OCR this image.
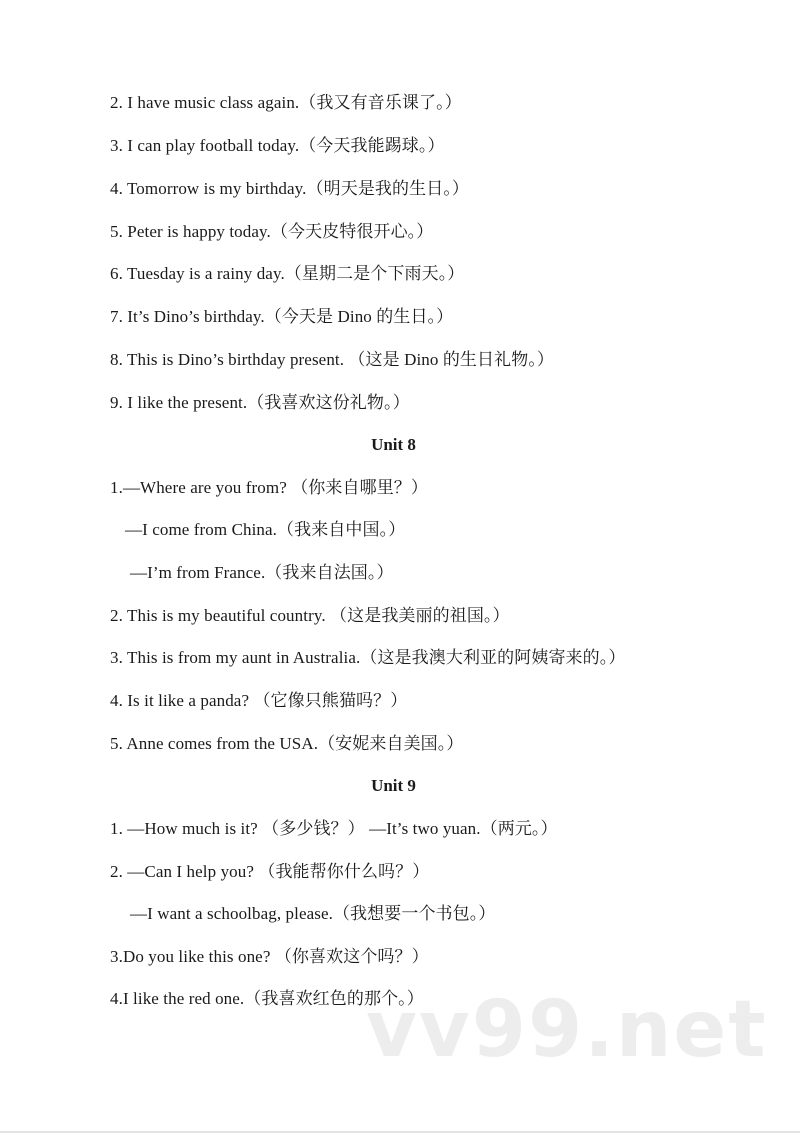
2. I have music class again.（我又有音乐课了。）
3. I can play football today.（今天我能踢球。）
4. Tomorrow is my birthday.（明天是我的生日。）
5. Peter is happy today.（今天皮特很开心。）
6. Tuesday is a rainy day.（星期二是个下雨天。）
7. It’s Dino’s birthday.（今天是 Dino 的生日。）
8. This is Dino’s birthday present. （这是 Dino 的生日礼物。）
9. I like the present.（我喜欢这份礼物。）
Unit 8
1.—Where are you from? （你来自哪里？）
—I come from China.（我来自中国。）
—I’m from France.（我来自法国。）
2. This is my beautiful country. （这是我美丽的祖国。）
3. This is from my aunt in Australia.（这是我澳大利亚的阿姨寄来的。）
4. Is it like a panda? （它像只熊猫吗？）
5. Anne comes from the USA.（安妮来自美国。）
Unit 9
1. —How much is it? （多少钱？） —It’s two yuan.（两元。）
2. —Can I help you? （我能帮你什么吗？）
—I want a schoolbag, please.（我想要一个书包。）
3.Do you like this one? （你喜欢这个吗？）
4.I like the red one.（我喜欢红色的那个。）
vv99.net
